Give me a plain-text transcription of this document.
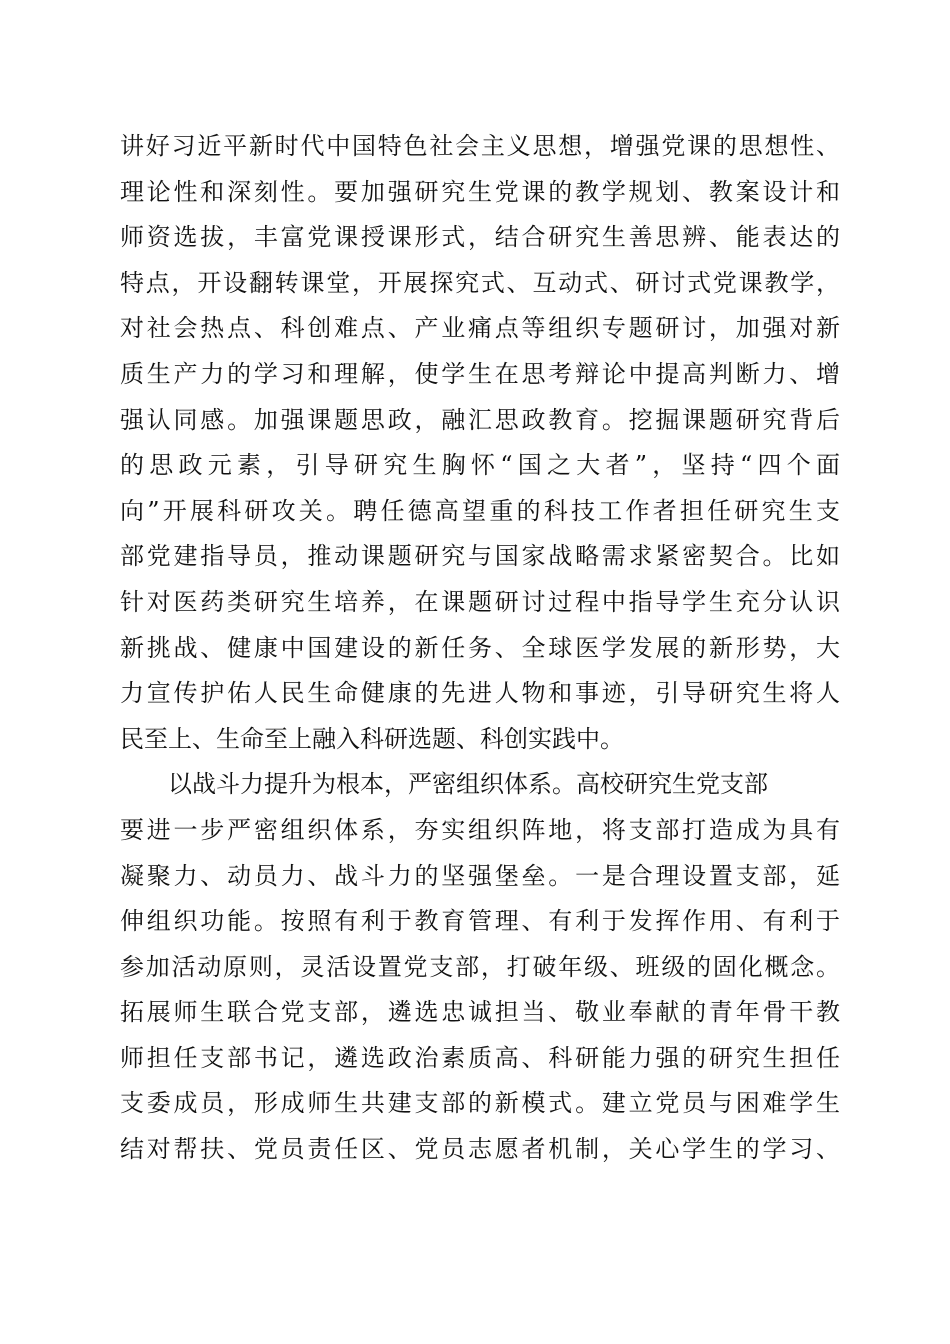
讲好习近平新时代中国特色社会主义思想，增强党课的思想性、
理论性和深刻性。要加强研究生党课的教学规划、教案设计和
师资选拔，丰富党课授课形式，结合研究生善思辨、能表达的
特点，开设翻转课堂，开展探究式、互动式、研讨式党课教学，
对社会热点、科创难点、产业痛点等组织专题研讨，加强对新
质生产力的学习和理解，使学生在思考辩论中提高判断力、增
强认同感。加强课题思政，融汇思政教育。挖掘课题研究背后
的思政元素，引导研究生胸怀“国之大者”，坚持“四个面
向”开展科研攻关。聘任德高望重的科技工作者担任研究生支
部党建指导员，推动课题研究与国家战略需求紧密契合。比如
针对医药类研究生培养，在课题研讨过程中指导学生充分认识
新挑战、健康中国建设的新任务、全球医学发展的新形势，大
力宣传护佑人民生命健康的先进人物和事迹，引导研究生将人
民至上、生命至上融入科研选题、科创实践中。
以战斗力提升为根本，严密组织体系。高校研究生党支部
要进一步严密组织体系，夯实组织阵地，将支部打造成为具有
凝聚力、动员力、战斗力的坚强堡垒。一是合理设置支部，延
伸组织功能。按照有利于教育管理、有利于发挥作用、有利于
参加活动原则，灵活设置党支部，打破年级、班级的固化概念。
拓展师生联合党支部，遴选忠诚担当、敬业奉献的青年骨干教
师担任支部书记，遴选政治素质高、科研能力强的研究生担任
支委成员，形成师生共建支部的新模式。建立党员与困难学生
结对帮扶、党员责任区、党员志愿者机制，关心学生的学习、
